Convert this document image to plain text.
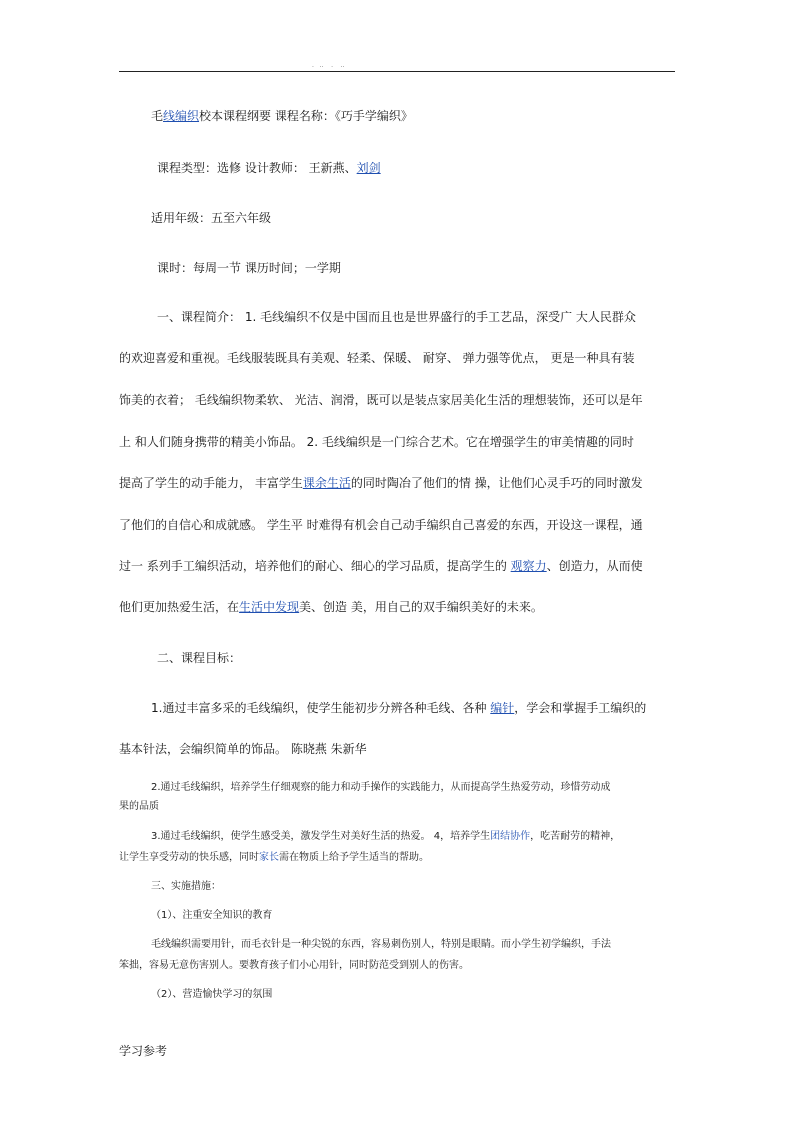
.   ..    .    ..
毛线编织校本课程纲要 课程名称：《巧手学编织》
课程类型：选修 设计教师： 王新燕、刘剑
适用年级：五至六年级
课时：每周一节 课历时间；一学期
一、课程简介： 1. 毛线编织不仅是中国而且也是世界盛行的手工艺品，深受广 大人民群众
的欢迎喜爱和重视。毛线服装既具有美观、轻柔、保暖、 耐穿、 弹力强等优点， 更是一种具有装
饰美的衣着； 毛线编织物柔软、 光洁、润滑，既可以是装点家居美化生活的理想装饰，还可以是年
上 和人们随身携带的精美小饰品。 2. 毛线编织是一门综合艺术。它在增强学生的审美情趣的同时
提高了学生的动手能力， 丰富学生课余生活的同时陶冶了他们的情 操，让他们心灵手巧的同时激发
了他们的自信心和成就感。 学生平 时难得有机会自己动手编织自己喜爱的东西，开设这一课程，通
过一 系列手工编织活动，培养他们的耐心、细心的学习品质，提高学生的 观察力、创造力，从而使
他们更加热爱生活，在生活中发现美、创造 美，用自己的双手编织美好的未来。
二、课程目标：
1.通过丰富多采的毛线编织，使学生能初步分辨各种毛线、各种 编针，学会和掌握手工编织的
基本针法，会编织简单的饰品。 陈晓燕 朱新华
2.通过毛线编织，培养学生仔细观察的能力和动手操作的实践能力，从而提高学生热爱劳动，珍惜劳动成
果的品质
3.通过毛线编织，使学生感受美，激发学生对美好生活的热爱。 4，培养学生团结协作，吃苦耐劳的精神，
让学生享受劳动的快乐感，同时家长需在物质上给予学生适当的帮助。
三、实施措施：
（1）、注重安全知识的教育
毛线编织需要用针，而毛衣针是一种尖锐的东西，容易刺伤别人，特别是眼睛。而小学生初学编织，手法
笨拙，容易无意伤害别人。要教育孩子们小心用针，同时防范受到别人的伤害。
（2）、营造愉快学习的氛围
学习参考
